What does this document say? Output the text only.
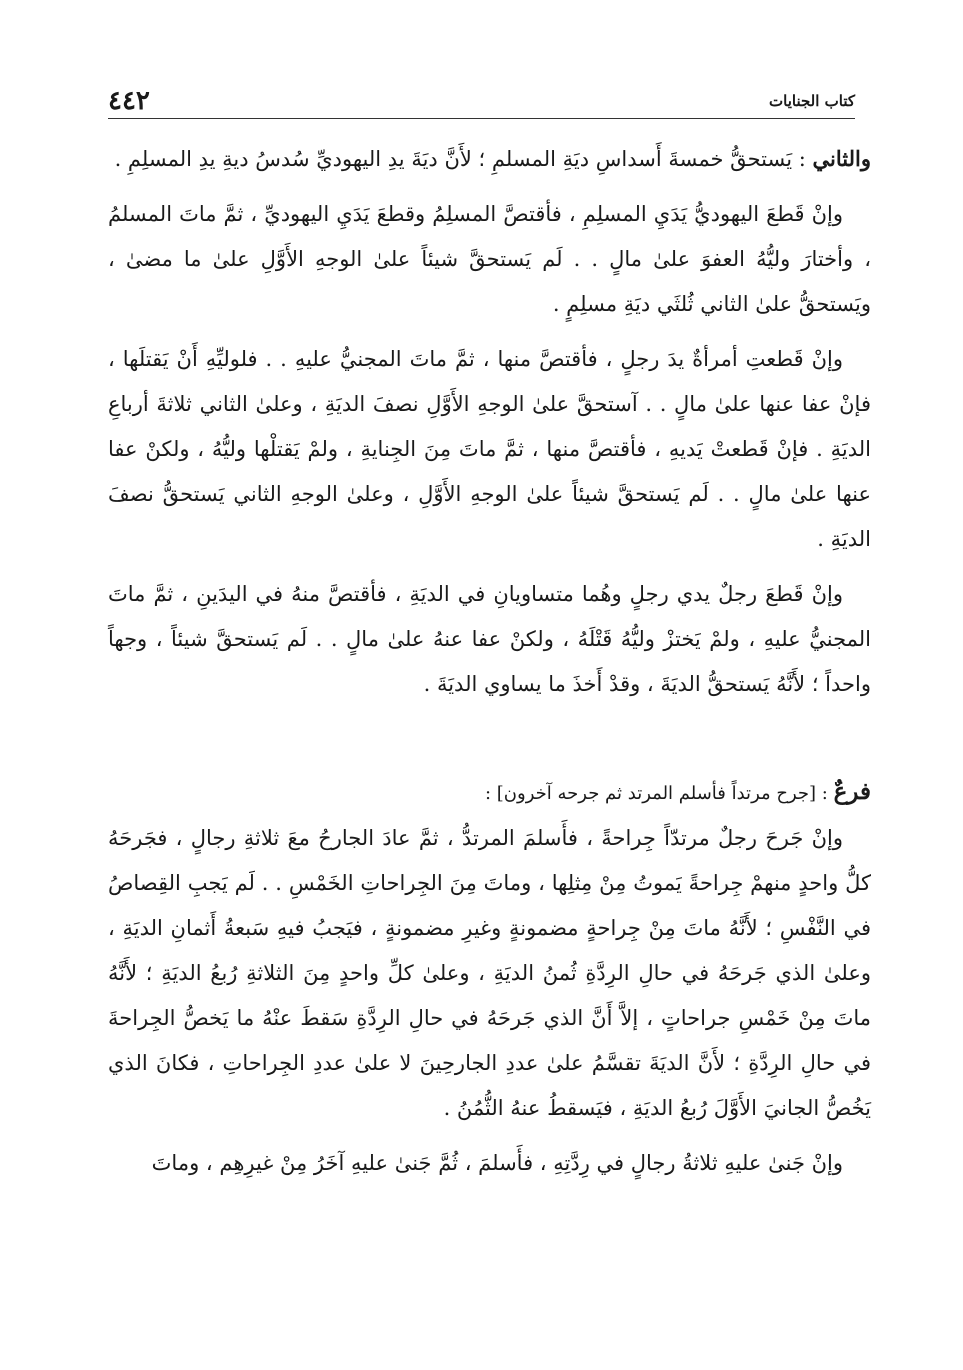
كتاب الجنايات
٤٤٢

والثاني : يَستحقُّ خمسةَ أَسداسِ ديَةِ المسلمِ ؛ لأَنَّ ديَةَ يدِ اليهوديِّ سُدسُ ديةِ يدِ المسلِمِ .

وإنْ قَطعَ اليهوديُّ يَدَيِ المسلِمِ ، فأقتصَّ المسلِمُ وقطعَ يَدَيِ اليهوديِّ ، ثمَّ ماتَ المسلمُ ، وأختارَ وليُّهُ العفوَ علىٰ مالٍ . . لَم يَستحقَّ شيئاً علىٰ الوجهِ الأَوَّلِ علىٰ ما مضىٰ ، ويَستحقُّ علىٰ الثاني ثُلثَي ديَةِ مسلِمٍ .

وإنْ قَطعتِ أمرأةٌ يدَ رجلٍ ، فأقتصَّ منها ، ثمَّ ماتَ المجنيُّ عليهِ . . فلوليِّهِ أَنْ يَقتلَها ، فإنْ عفا عنها علىٰ مالٍ . . آستحقَّ علىٰ الوجهِ الأَوَّلِ نصفَ الديَةِ ، وعلىٰ الثاني ثلاثةَ أرباعِ الديَةِ . فإنْ قَطعتْ يَديهِ ، فأقتصَّ منها ، ثمَّ ماتَ مِنَ الجِنايةِ ، ولمْ يَقتلْها وليُّهُ ، ولكنْ عفا عنها علىٰ مالٍ . . لَم يَستحقَّ شيئاً علىٰ الوجهِ الأَوَّلِ ، وعلىٰ الوجهِ الثاني يَستحقُّ نصفَ الديَةِ .

وإنْ قَطعَ رجلٌ يدي رجلٍ وهُما متساويانِ في الديَةِ ، فأقتصَّ منهُ في اليدَينِ ، ثمَّ ماتَ المجنيُّ عليهِ ، ولمْ يَختزْ وليُّهُ قَتْلَهُ ، ولكنْ عفا عنهُ علىٰ مالٍ . . لَم يَستحقَّ شيئاً ، وجهاً واحداً ؛ لأَنَّهُ يَستحقُّ الديَةَ ، وقدْ أَخذَ ما يساوي الديَةَ .

فرعٌ : [جرح مرتداً فأسلم المرتد ثم جرحه آخرون] :

وإنْ جَرحَ رجلٌ مرتدّاً جِراحةً ، فأَسلمَ المرتدُّ ، ثمَّ عادَ الجارحُ معَ ثلاثةِ رجالٍ ، فجَرحَهُ كلُّ واحدٍ منهمْ جِراحةً يَموتُ مِنْ مِثلِها ، وماتَ مِنَ الجِراحاتِ الخَمْسِ . . لَم يَجبِ القِصاصُ في النَّفْسِ ؛ لأَنَّهُ ماتَ مِنْ جِراحةٍ مضمونةٍ وغيرِ مضمونةٍ ، فيَجبُ فيهِ سَبعةُ أَثمانِ الديَةِ ، وعلىٰ الذي جَرحَهُ في حالِ الرِدَّةِ ثُمنُ الديَةِ ، وعلىٰ كلِّ واحدٍ مِنَ الثلاثةِ رُبعُ الديَةِ ؛ لأَنَّهُ ماتَ مِنْ خَمْسِ جراحاتٍ ، إلاَّ أَنَّ الذي جَرحَهُ في حالِ الرِدَّةِ سَقطَ عنْهُ ما يَخصُّ الجِراحةَ في حالِ الرِدَّةِ ؛ لأَنَّ الديَةَ تقسَّمُ علىٰ عددِ الجارحِينَ لا علىٰ عددِ الجِراحاتِ ، فكانَ الذي يَخُصُّ الجانيَ الأَوَّلَ رُبعُ الديَةِ ، فيَسقطُ عنهُ الثُّمُنُ .

وإنْ جَنىٰ عليهِ ثلاثةُ رجالٍ في رِدَّتِهِ ، فأَسلمَ ، ثُمَّ جَنىٰ عليهِ آخَرُ مِنْ غيرِهِم ، وماتَ
